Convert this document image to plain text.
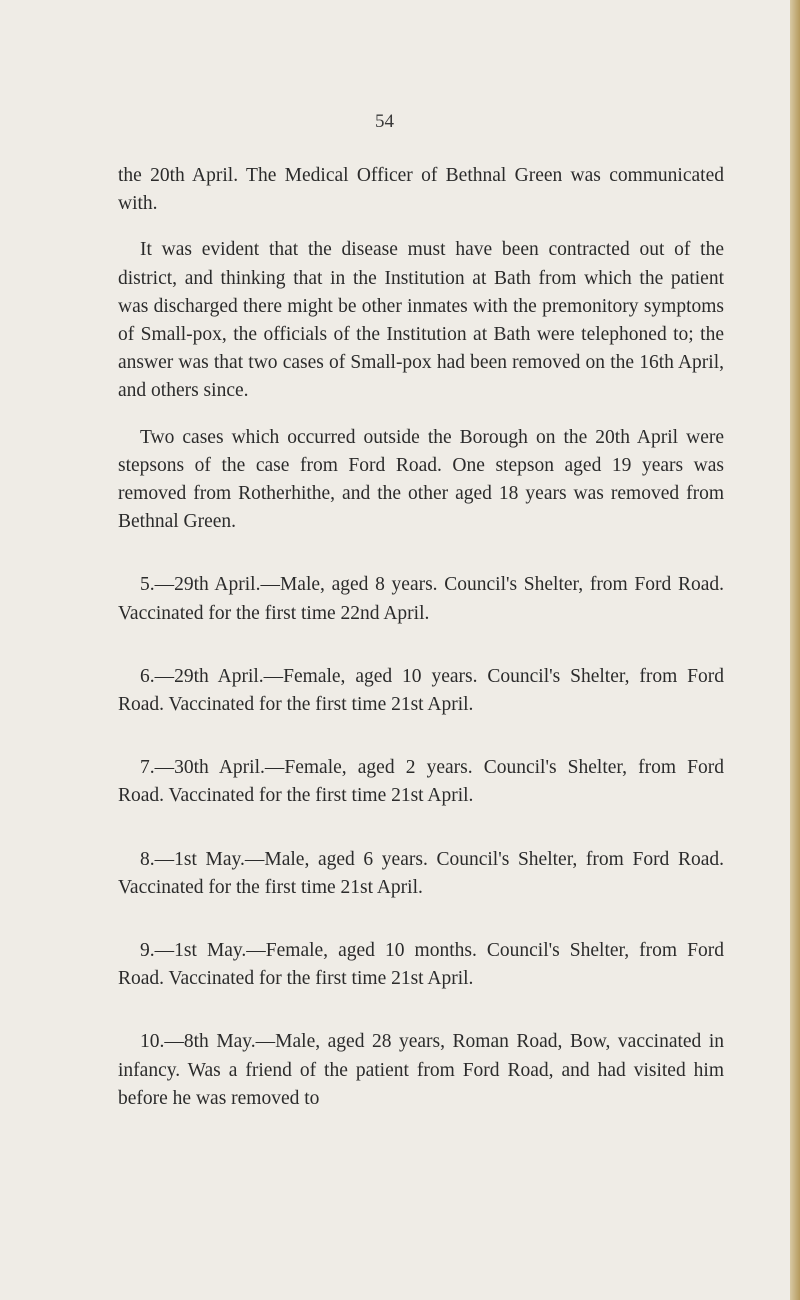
54

the 20th April. The Medical Officer of Bethnal Green was communicated with.

It was evident that the disease must have been contracted out of the district, and thinking that in the Institution at Bath from which the patient was discharged there might be other inmates with the premonitory symptoms of Small-pox, the officials of the Institution at Bath were telephoned to; the answer was that two cases of Small-pox had been removed on the 16th April, and others since.

Two cases which occurred outside the Borough on the 20th April were stepsons of the case from Ford Road. One stepson aged 19 years was removed from Rotherhithe, and the other aged 18 years was removed from Bethnal Green.

5.—29th April.—Male, aged 8 years. Council's Shelter, from Ford Road. Vaccinated for the first time 22nd April.

6.—29th April.—Female, aged 10 years. Council's Shelter, from Ford Road. Vaccinated for the first time 21st April.

7.—30th April.—Female, aged 2 years. Council's Shelter, from Ford Road. Vaccinated for the first time 21st April.

8.—1st May.—Male, aged 6 years. Council's Shelter, from Ford Road. Vaccinated for the first time 21st April.

9.—1st May.—Female, aged 10 months. Council's Shelter, from Ford Road. Vaccinated for the first time 21st April.

10.—8th May.—Male, aged 28 years, Roman Road, Bow, vaccinated in infancy. Was a friend of the patient from Ford Road, and had visited him before he was removed to
